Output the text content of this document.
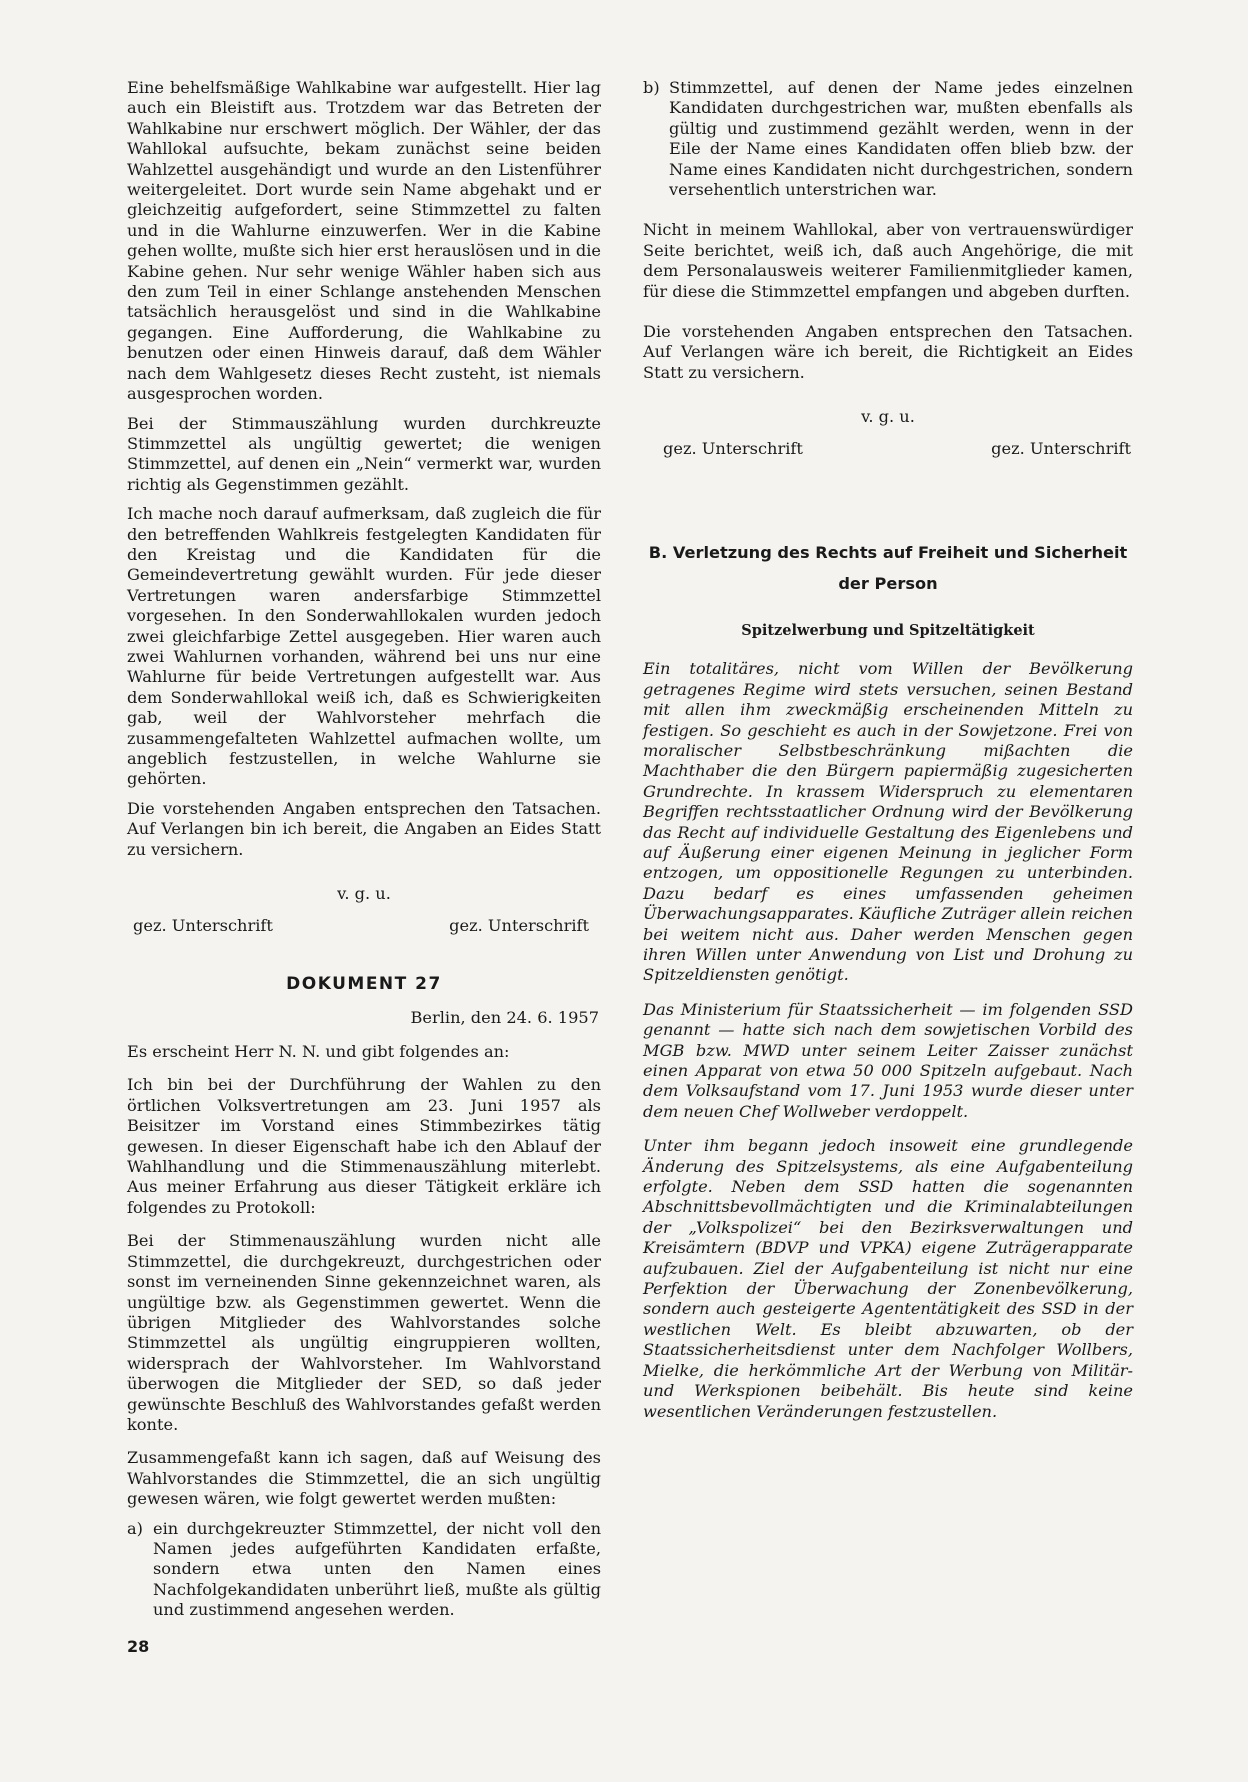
Eine behelfsmäßige Wahlkabine war aufgestellt. Hier lag auch ein Bleistift aus. Trotzdem war das Betreten der Wahlkabine nur erschwert möglich. Der Wähler, der das Wahllokal aufsuchte, bekam zunächst seine beiden Wahlzettel ausgehändigt und wurde an den Listenführer weitergeleitet. Dort wurde sein Name abgehakt und er gleichzeitig aufgefordert, seine Stimmzettel zu falten und in die Wahlurne einzuwerfen. Wer in die Kabine gehen wollte, mußte sich hier erst herauslösen und in die Kabine gehen. Nur sehr wenige Wähler haben sich aus den zum Teil in einer Schlange anstehenden Menschen tatsächlich herausgelöst und sind in die Wahlkabine gegangen. Eine Aufforderung, die Wahlkabine zu benutzen oder einen Hinweis darauf, daß dem Wähler nach dem Wahlgesetz dieses Recht zusteht, ist niemals ausgesprochen worden.

Bei der Stimmauszählung wurden durchkreuzte Stimmzettel als ungültig gewertet; die wenigen Stimmzettel, auf denen ein „Nein“ vermerkt war, wurden richtig als Gegenstimmen gezählt.

Ich mache noch darauf aufmerksam, daß zugleich die für den betreffenden Wahlkreis festgelegten Kandidaten für den Kreistag und die Kandidaten für die Gemeindevertretung gewählt wurden. Für jede dieser Vertretungen waren andersfarbige Stimmzettel vorgesehen. In den Sonderwahllokalen wurden jedoch zwei gleichfarbige Zettel ausgegeben. Hier waren auch zwei Wahlurnen vorhanden, während bei uns nur eine Wahlurne für beide Vertretungen aufgestellt war. Aus dem Sonderwahllokal weiß ich, daß es Schwierigkeiten gab, weil der Wahlvorsteher mehrfach die zusammengefalteten Wahlzettel aufmachen wollte, um angeblich festzustellen, in welche Wahlurne sie gehörten.

Die vorstehenden Angaben entsprechen den Tatsachen. Auf Verlangen bin ich bereit, die Angaben an Eides Statt zu versichern.

v. g. u.
gez. Unterschrift	gez. Unterschrift
DOKUMENT 27
Berlin, den 24. 6. 1957

Es erscheint Herr N. N. und gibt folgendes an:

Ich bin bei der Durchführung der Wahlen zu den örtlichen Volksvertretungen am 23. Juni 1957 als Beisitzer im Vorstand eines Stimmbezirkes tätig gewesen. In dieser Eigenschaft habe ich den Ablauf der Wahlhandlung und die Stimmenauszählung miterlebt. Aus meiner Erfahrung aus dieser Tätigkeit erkläre ich folgendes zu Protokoll:

Bei der Stimmenauszählung wurden nicht alle Stimmzettel, die durchgekreuzt, durchgestrichen oder sonst im verneinenden Sinne gekennzeichnet waren, als ungültige bzw. als Gegenstimmen gewertet. Wenn die übrigen Mitglieder des Wahlvorstandes solche Stimmzettel als ungültig eingruppieren wollten, widersprach der Wahlvorsteher. Im Wahlvorstand überwogen die Mitglieder der SED, so daß jeder gewünschte Beschluß des Wahlvorstandes gefaßt werden konte.

Zusammengefaßt kann ich sagen, daß auf Weisung des Wahlvorstandes die Stimmzettel, die an sich ungültig gewesen wären, wie folgt gewertet werden mußten:

a) ein durchgekreuzter Stimmzettel, der nicht voll den Namen jedes aufgeführten Kandidaten erfaßte, sondern etwa unten den Namen eines Nachfolgekandidaten unberührt ließ, mußte als gültig und zustimmend angesehen werden.

b) Stimmzettel, auf denen der Name jedes einzelnen Kandidaten durchgestrichen war, mußten ebenfalls als gültig und zustimmend gezählt werden, wenn in der Eile der Name eines Kandidaten offen blieb bzw. der Name eines Kandidaten nicht durchgestrichen, sondern versehentlich unterstrichen war.

Nicht in meinem Wahllokal, aber von vertrauenswürdiger Seite berichtet, weiß ich, daß auch Angehörige, die mit dem Personalausweis weiterer Familienmitglieder kamen, für diese die Stimmzettel empfangen und abgeben durften.

Die vorstehenden Angaben entsprechen den Tatsachen. Auf Verlangen wäre ich bereit, die Richtigkeit an Eides Statt zu versichern.

v. g. u.
gez. Unterschrift	gez. Unterschrift
B. Verletzung des Rechts auf Freiheit und Sicherheit der Person
Spitzelwerbung und Spitzeltätigkeit

Ein totalitäres, nicht vom Willen der Bevölkerung getragenes Regime wird stets versuchen, seinen Bestand mit allen ihm zweckmäßig erscheinenden Mitteln zu festigen. So geschieht es auch in der Sowjetzone. Frei von moralischer Selbstbeschränkung mißachten die Machthaber die den Bürgern papiermäßig zugesicherten Grundrechte. In krassem Widerspruch zu elementaren Begriffen rechtsstaatlicher Ordnung wird der Bevölkerung das Recht auf individuelle Gestaltung des Eigenlebens und auf Äußerung einer eigenen Meinung in jeglicher Form entzogen, um oppositionelle Regungen zu unterbinden. Dazu bedarf es eines umfassenden geheimen Überwachungsapparates. Käufliche Zuträger allein reichen bei weitem nicht aus. Daher werden Menschen gegen ihren Willen unter Anwendung von List und Drohung zu Spitzeldiensten genötigt.

Das Ministerium für Staatssicherheit — im folgenden SSD genannt — hatte sich nach dem sowjetischen Vorbild des MGB bzw. MWD unter seinem Leiter Zaisser zunächst einen Apparat von etwa 50 000 Spitzeln aufgebaut. Nach dem Volksaufstand vom 17. Juni 1953 wurde dieser unter dem neuen Chef Wollweber verdoppelt.

Unter ihm begann jedoch insoweit eine grundlegende Änderung des Spitzelsystems, als eine Aufgabenteilung erfolgte. Neben dem SSD hatten die sogenannten Abschnittsbevollmächtigten und die Kriminalabteilungen der „Volkspolizei“ bei den Bezirksverwaltungen und Kreisämtern (BDVP und VPKA) eigene Zuträgerapparate aufzubauen. Ziel der Aufgabenteilung ist nicht nur eine Perfektion der Überwachung der Zonenbevölkerung, sondern auch gesteigerte Agententätigkeit des SSD in der westlichen Welt. Es bleibt abzuwarten, ob der Staatssicherheitsdienst unter dem Nachfolger Wollbers, Mielke, die herkömmliche Art der Werbung von Militär- und Werkspionen beibehält. Bis heute sind keine wesentlichen Veränderungen festzustellen.

28
